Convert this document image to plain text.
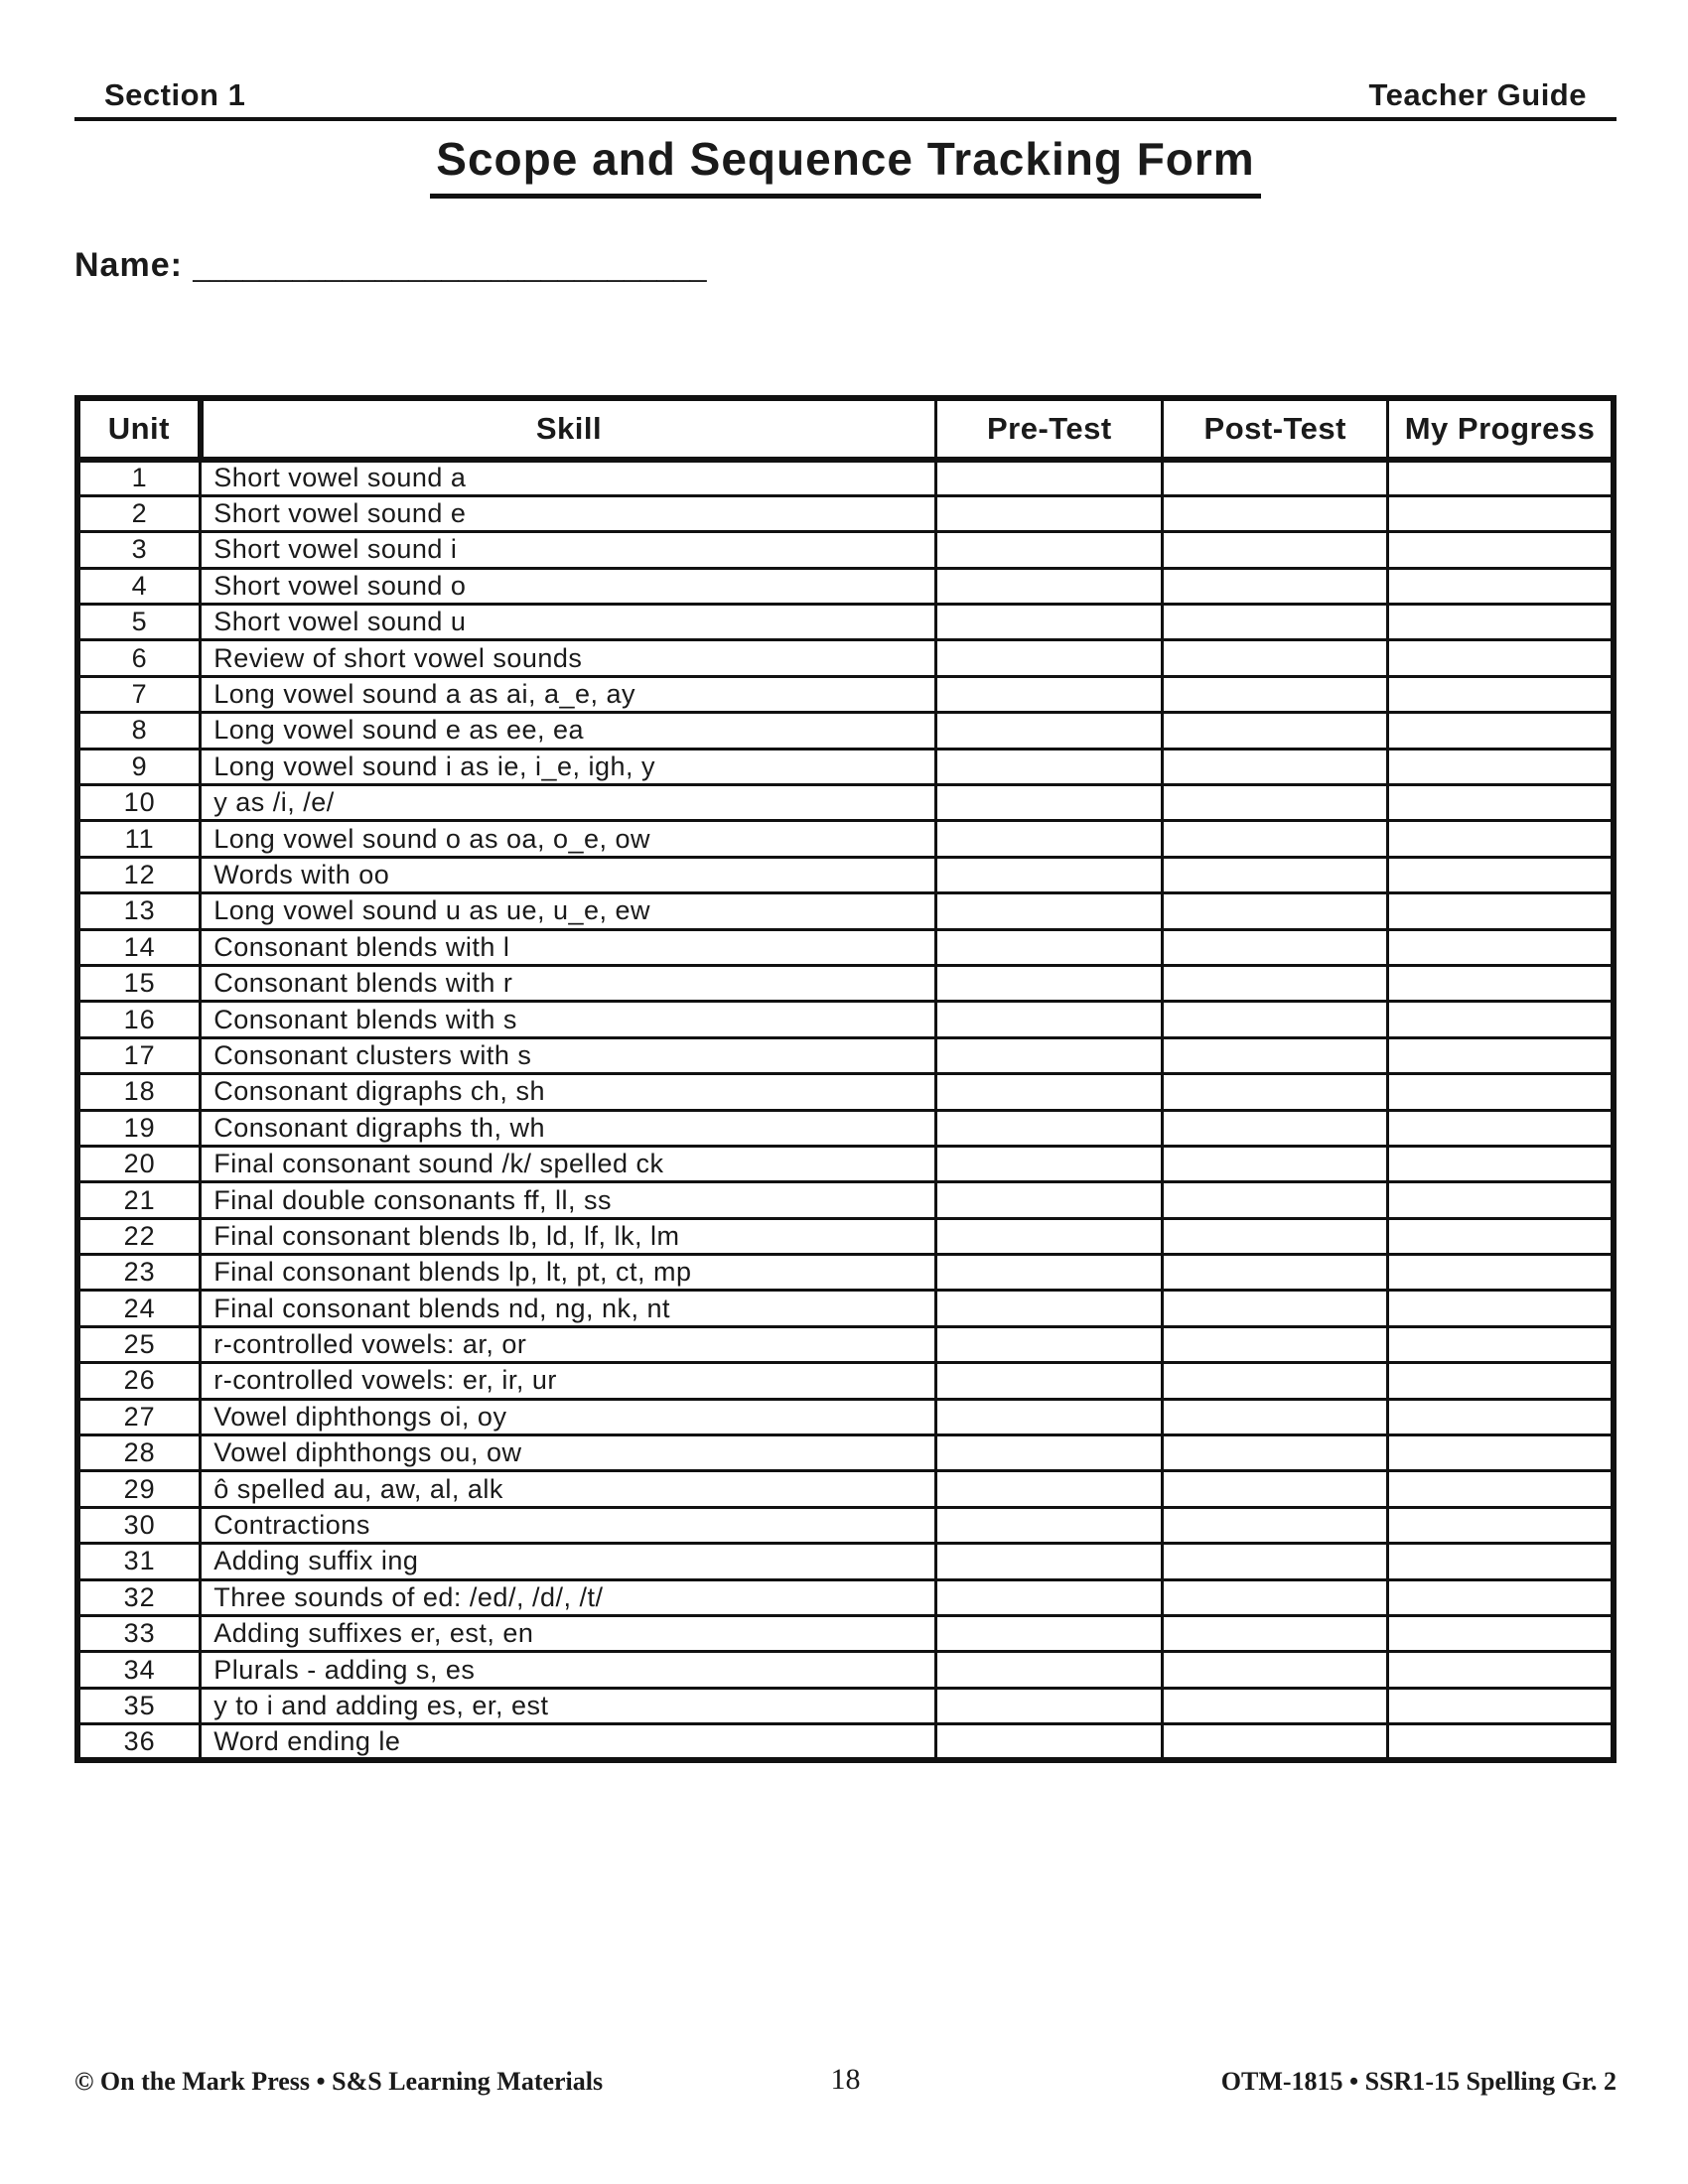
Section 1	Teacher Guide
Scope and Sequence Tracking Form
Name: _______________________________
Unit	Skill	Pre-Test	Post-Test	My Progress
1	Short vowel sound a			
2	Short vowel sound e			
3	Short vowel sound i			
4	Short vowel sound o			
5	Short vowel sound u			
6	Review of short vowel sounds			
7	Long vowel sound a as ai, a_e, ay			
8	Long vowel sound e as ee, ea			
9	Long vowel sound i as ie, i_e, igh, y			
10	y as /i, /e/			
11	Long vowel sound o as oa, o_e, ow			
12	Words with oo			
13	Long vowel sound u as ue, u_e, ew			
14	Consonant blends with l			
15	Consonant blends with r			
16	Consonant blends with s			
17	Consonant clusters with s			
18	Consonant digraphs ch, sh			
19	Consonant digraphs th, wh			
20	Final consonant sound /k/ spelled ck			
21	Final double consonants ff, ll, ss			
22	Final consonant blends lb, ld, lf, lk, lm			
23	Final consonant blends lp, lt, pt, ct, mp			
24	Final consonant blends nd, ng, nk, nt			
25	r-controlled vowels: ar, or			
26	r-controlled vowels: er, ir, ur			
27	Vowel diphthongs oi, oy			
28	Vowel diphthongs ou, ow			
29	ô spelled au, aw, al, alk			
30	Contractions			
31	Adding suffix ing			
32	Three sounds of ed: /ed/, /d/, /t/			
33	Adding suffixes er, est, en			
34	Plurals - adding s, es			
35	y to i and adding es, er, est			
36	Word ending le			
© On the Mark Press • S&S Learning Materials	18	OTM-1815 • SSR1-15 Spelling Gr. 2
